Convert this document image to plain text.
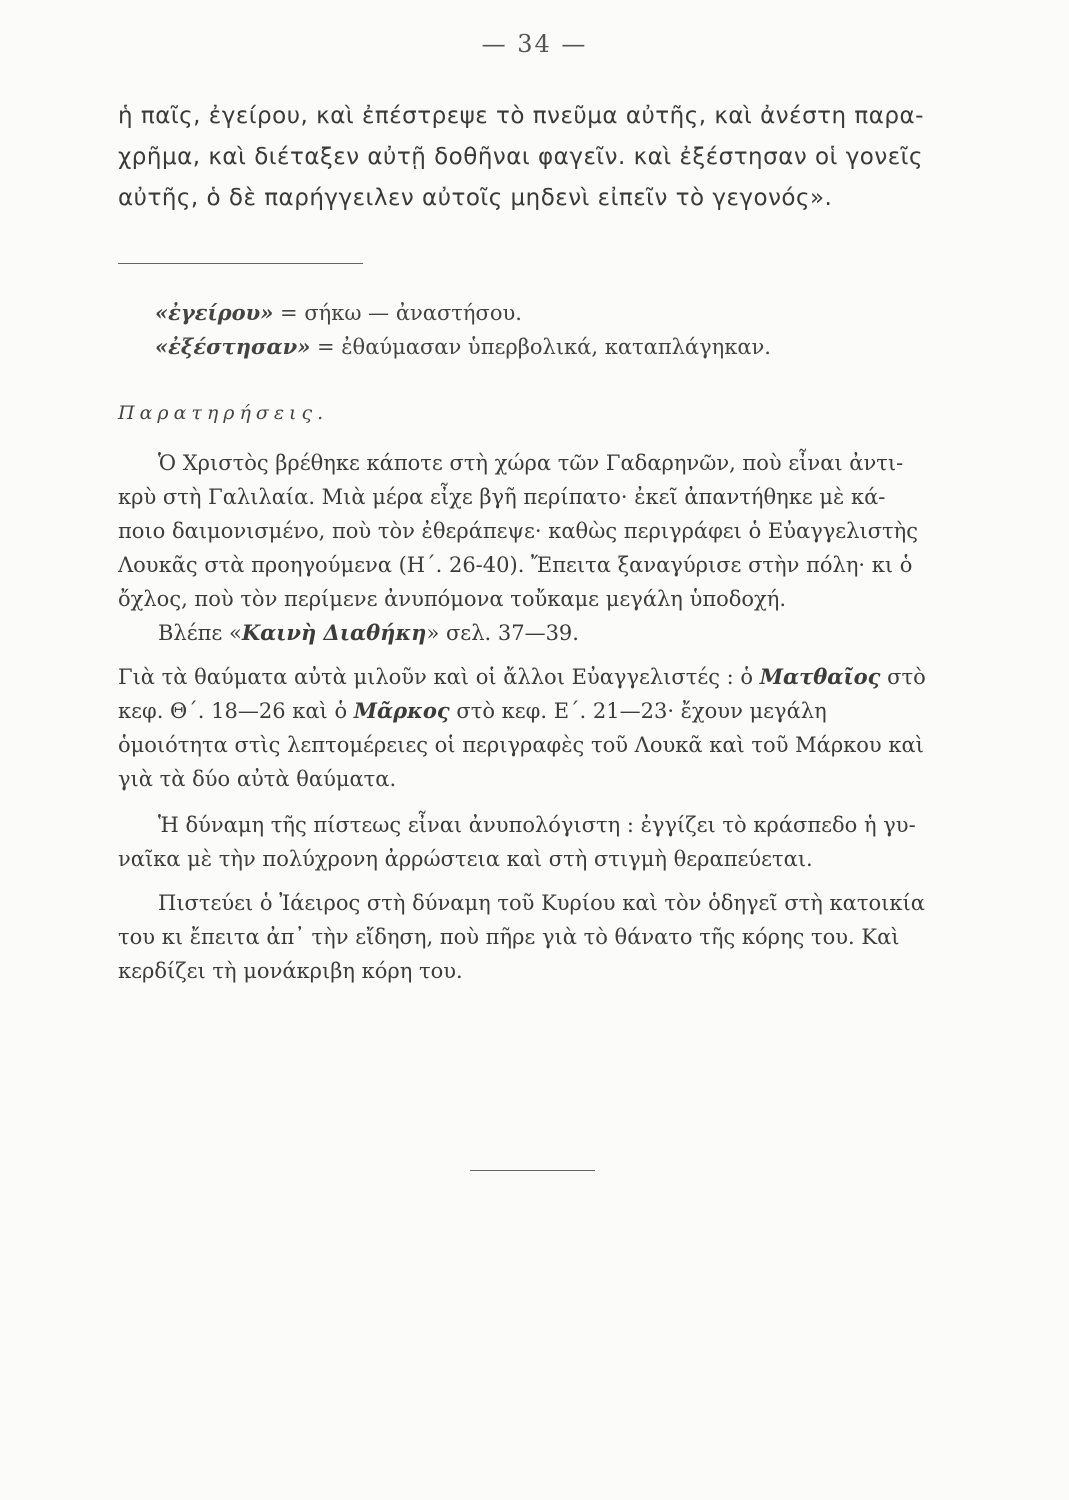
— 34 —
ἡ παῖς, ἐγείρου, καὶ ἐπέστρεψε τὸ πνεῦμα αὐτῆς, καὶ ἀνέστη παρα-
χρῆμα, καὶ διέταξεν αὐτῇ δοθῆναι φαγεῖν. καὶ ἐξέστησαν οἱ γονεῖς
αὐτῆς, ὁ δὲ παρήγγειλεν αὐτοῖς μηδενὶ εἰπεῖν τὸ γεγονός».
«ἐγείρου» = σήκω — ἀναστήσου.
«ἐξέστησαν» = ἐθαύμασαν ὑπερβολικά, καταπλάγηκαν.
Παρατηρήσεις.
Ὁ Χριστὸς βρέθηκε κάποτε στὴ χώρα τῶν Γαδαρηνῶν, ποὺ εἶναι ἀντι-
κρὺ στὴ Γαλιλαία. Μιὰ μέρα εἶχε βγῆ περίπατο· ἐκεῖ ἀπαντήθηκε μὲ κά-
ποιο δαιμονισμένο, ποὺ τὸν ἐθεράπεψε· καθὼς περιγράφει ὁ Εὐαγγελιστὴς
Λουκᾶς στὰ προηγούμενα (Η΄. 26-40). Ἔπειτα ξαναγύρισε στὴν πόλη· κι ὁ
ὄχλος, ποὺ τὸν περίμενε ἀνυπόμονα τοὔκαμε μεγάλη ὑποδοχή.
Βλέπε «Καινὴ Διαθήκη» σελ. 37—39.
Γιὰ τὰ θαύματα αὐτὰ μιλοῦν καὶ οἱ ἄλλοι Εὐαγγελιστές : ὁ Ματθαῖος στὸ
κεφ. Θ΄. 18—26 καὶ ὁ Μᾶρκος στὸ κεφ. Ε΄. 21—23· ἔχουν μεγάλη
ὁμοιότητα στὶς λεπτομέρειες οἱ περιγραφὲς τοῦ Λουκᾶ καὶ τοῦ Μάρκου καὶ
γιὰ τὰ δύο αὐτὰ θαύματα.
Ἡ δύναμη τῆς πίστεως εἶναι ἀνυπολόγιστη : ἐγγίζει τὸ κράσπεδο ἡ γυ-
ναῖκα μὲ τὴν πολύχρονη ἀρρώστεια καὶ στὴ στιγμὴ θεραπεύεται.
Πιστεύει ὁ Ἰάειρος στὴ δύναμη τοῦ Κυρίου καὶ τὸν ὁδηγεῖ στὴ κατοικία
του κι ἔπειτα ἀπ᾿ τὴν εἴδηση, ποὺ πῆρε γιὰ τὸ θάνατο τῆς κόρης του. Καὶ
κερδίζει τὴ μονάκριβη κόρη του.
